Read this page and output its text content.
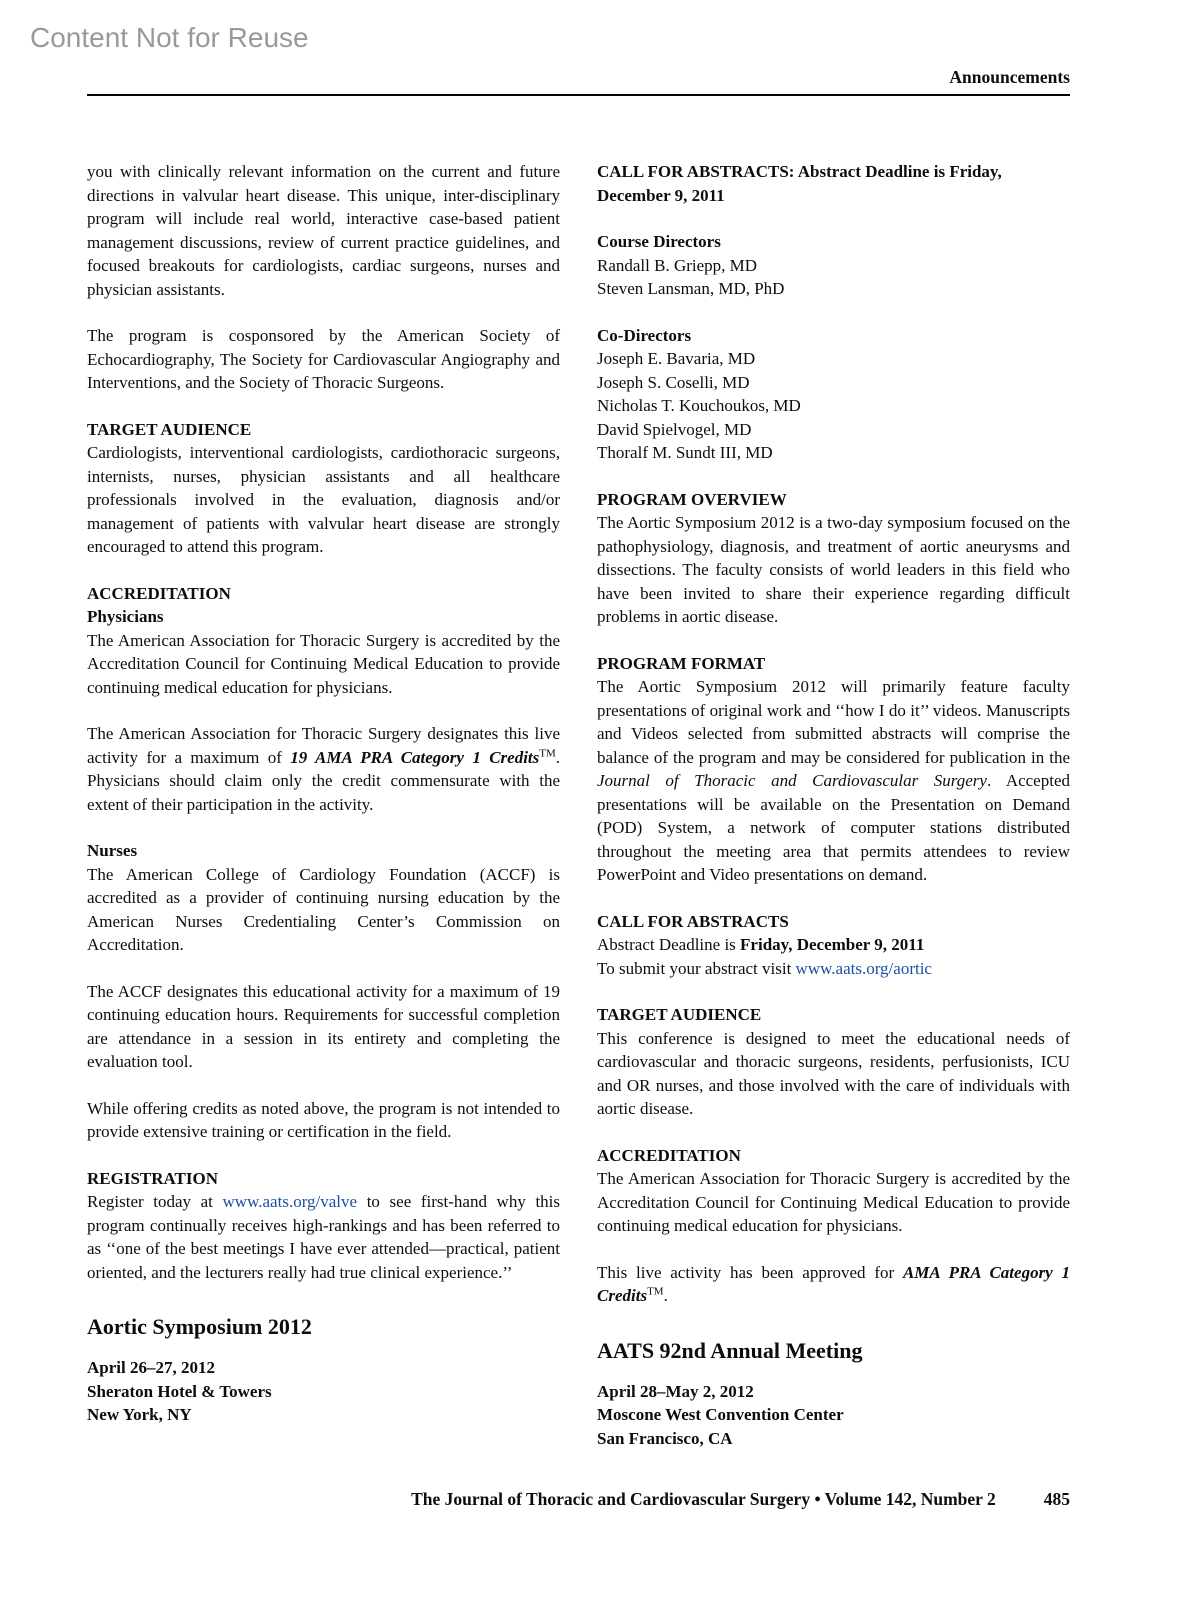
Content Not for Reuse
Announcements

you with clinically relevant information on the current and future directions in valvular heart disease. This unique, inter-disciplinary program will include real world, interactive case-based patient management discussions, review of current practice guidelines, and focused breakouts for cardiologists, cardiac surgeons, nurses and physician assistants.

The program is cosponsored by the American Society of Echocardiography, The Society for Cardiovascular Angiography and Interventions, and the Society of Thoracic Surgeons.

TARGET AUDIENCE

Cardiologists, interventional cardiologists, cardiothoracic surgeons, internists, nurses, physician assistants and all healthcare professionals involved in the evaluation, diagnosis and/or management of patients with valvular heart disease are strongly encouraged to attend this program.

ACCREDITATION
Physicians

The American Association for Thoracic Surgery is accredited by the Accreditation Council for Continuing Medical Education to provide continuing medical education for physicians.

The American Association for Thoracic Surgery designates this live activity for a maximum of 19 AMA PRA Category 1 Credits™. Physicians should claim only the credit commensurate with the extent of their participation in the activity.

Nurses

The American College of Cardiology Foundation (ACCF) is accredited as a provider of continuing nursing education by the American Nurses Credentialing Center’s Commission on Accreditation.

The ACCF designates this educational activity for a maximum of 19 continuing education hours. Requirements for successful completion are attendance in a session in its entirety and completing the evaluation tool.

While offering credits as noted above, the program is not intended to provide extensive training or certification in the field.

REGISTRATION

Register today at www.aats.org/valve to see first-hand why this program continually receives high-rankings and has been referred to as ‘‘one of the best meetings I have ever attended—practical, patient oriented, and the lecturers really had true clinical experience.’’

Aortic Symposium 2012
April 26–27, 2012
Sheraton Hotel & Towers
New York, NY
CALL FOR ABSTRACTS: Abstract Deadline is Friday, December 9, 2011
Course Directors
Randall B. Griepp, MD
Steven Lansman, MD, PhD
Co-Directors
Joseph E. Bavaria, MD
Joseph S. Coselli, MD
Nicholas T. Kouchoukos, MD
David Spielvogel, MD
Thoralf M. Sundt III, MD
PROGRAM OVERVIEW

The Aortic Symposium 2012 is a two-day symposium focused on the pathophysiology, diagnosis, and treatment of aortic aneurysms and dissections. The faculty consists of world leaders in this field who have been invited to share their experience regarding difficult problems in aortic disease.

PROGRAM FORMAT

The Aortic Symposium 2012 will primarily feature faculty presentations of original work and ‘‘how I do it’’ videos. Manuscripts and Videos selected from submitted abstracts will comprise the balance of the program and may be considered for publication in the Journal of Thoracic and Cardiovascular Surgery. Accepted presentations will be available on the Presentation on Demand (POD) System, a network of computer stations distributed throughout the meeting area that permits attendees to review PowerPoint and Video presentations on demand.

CALL FOR ABSTRACTS
Abstract Deadline is Friday, December 9, 2011
To submit your abstract visit www.aats.org/aortic
TARGET AUDIENCE

This conference is designed to meet the educational needs of cardiovascular and thoracic surgeons, residents, perfusionists, ICU and OR nurses, and those involved with the care of individuals with aortic disease.

ACCREDITATION

The American Association for Thoracic Surgery is accredited by the Accreditation Council for Continuing Medical Education to provide continuing medical education for physicians.

This live activity has been approved for AMA PRA Category 1 Credits™.

AATS 92nd Annual Meeting
April 28–May 2, 2012
Moscone West Convention Center
San Francisco, CA
The Journal of Thoracic and Cardiovascular Surgery • Volume 142, Number 2	485
